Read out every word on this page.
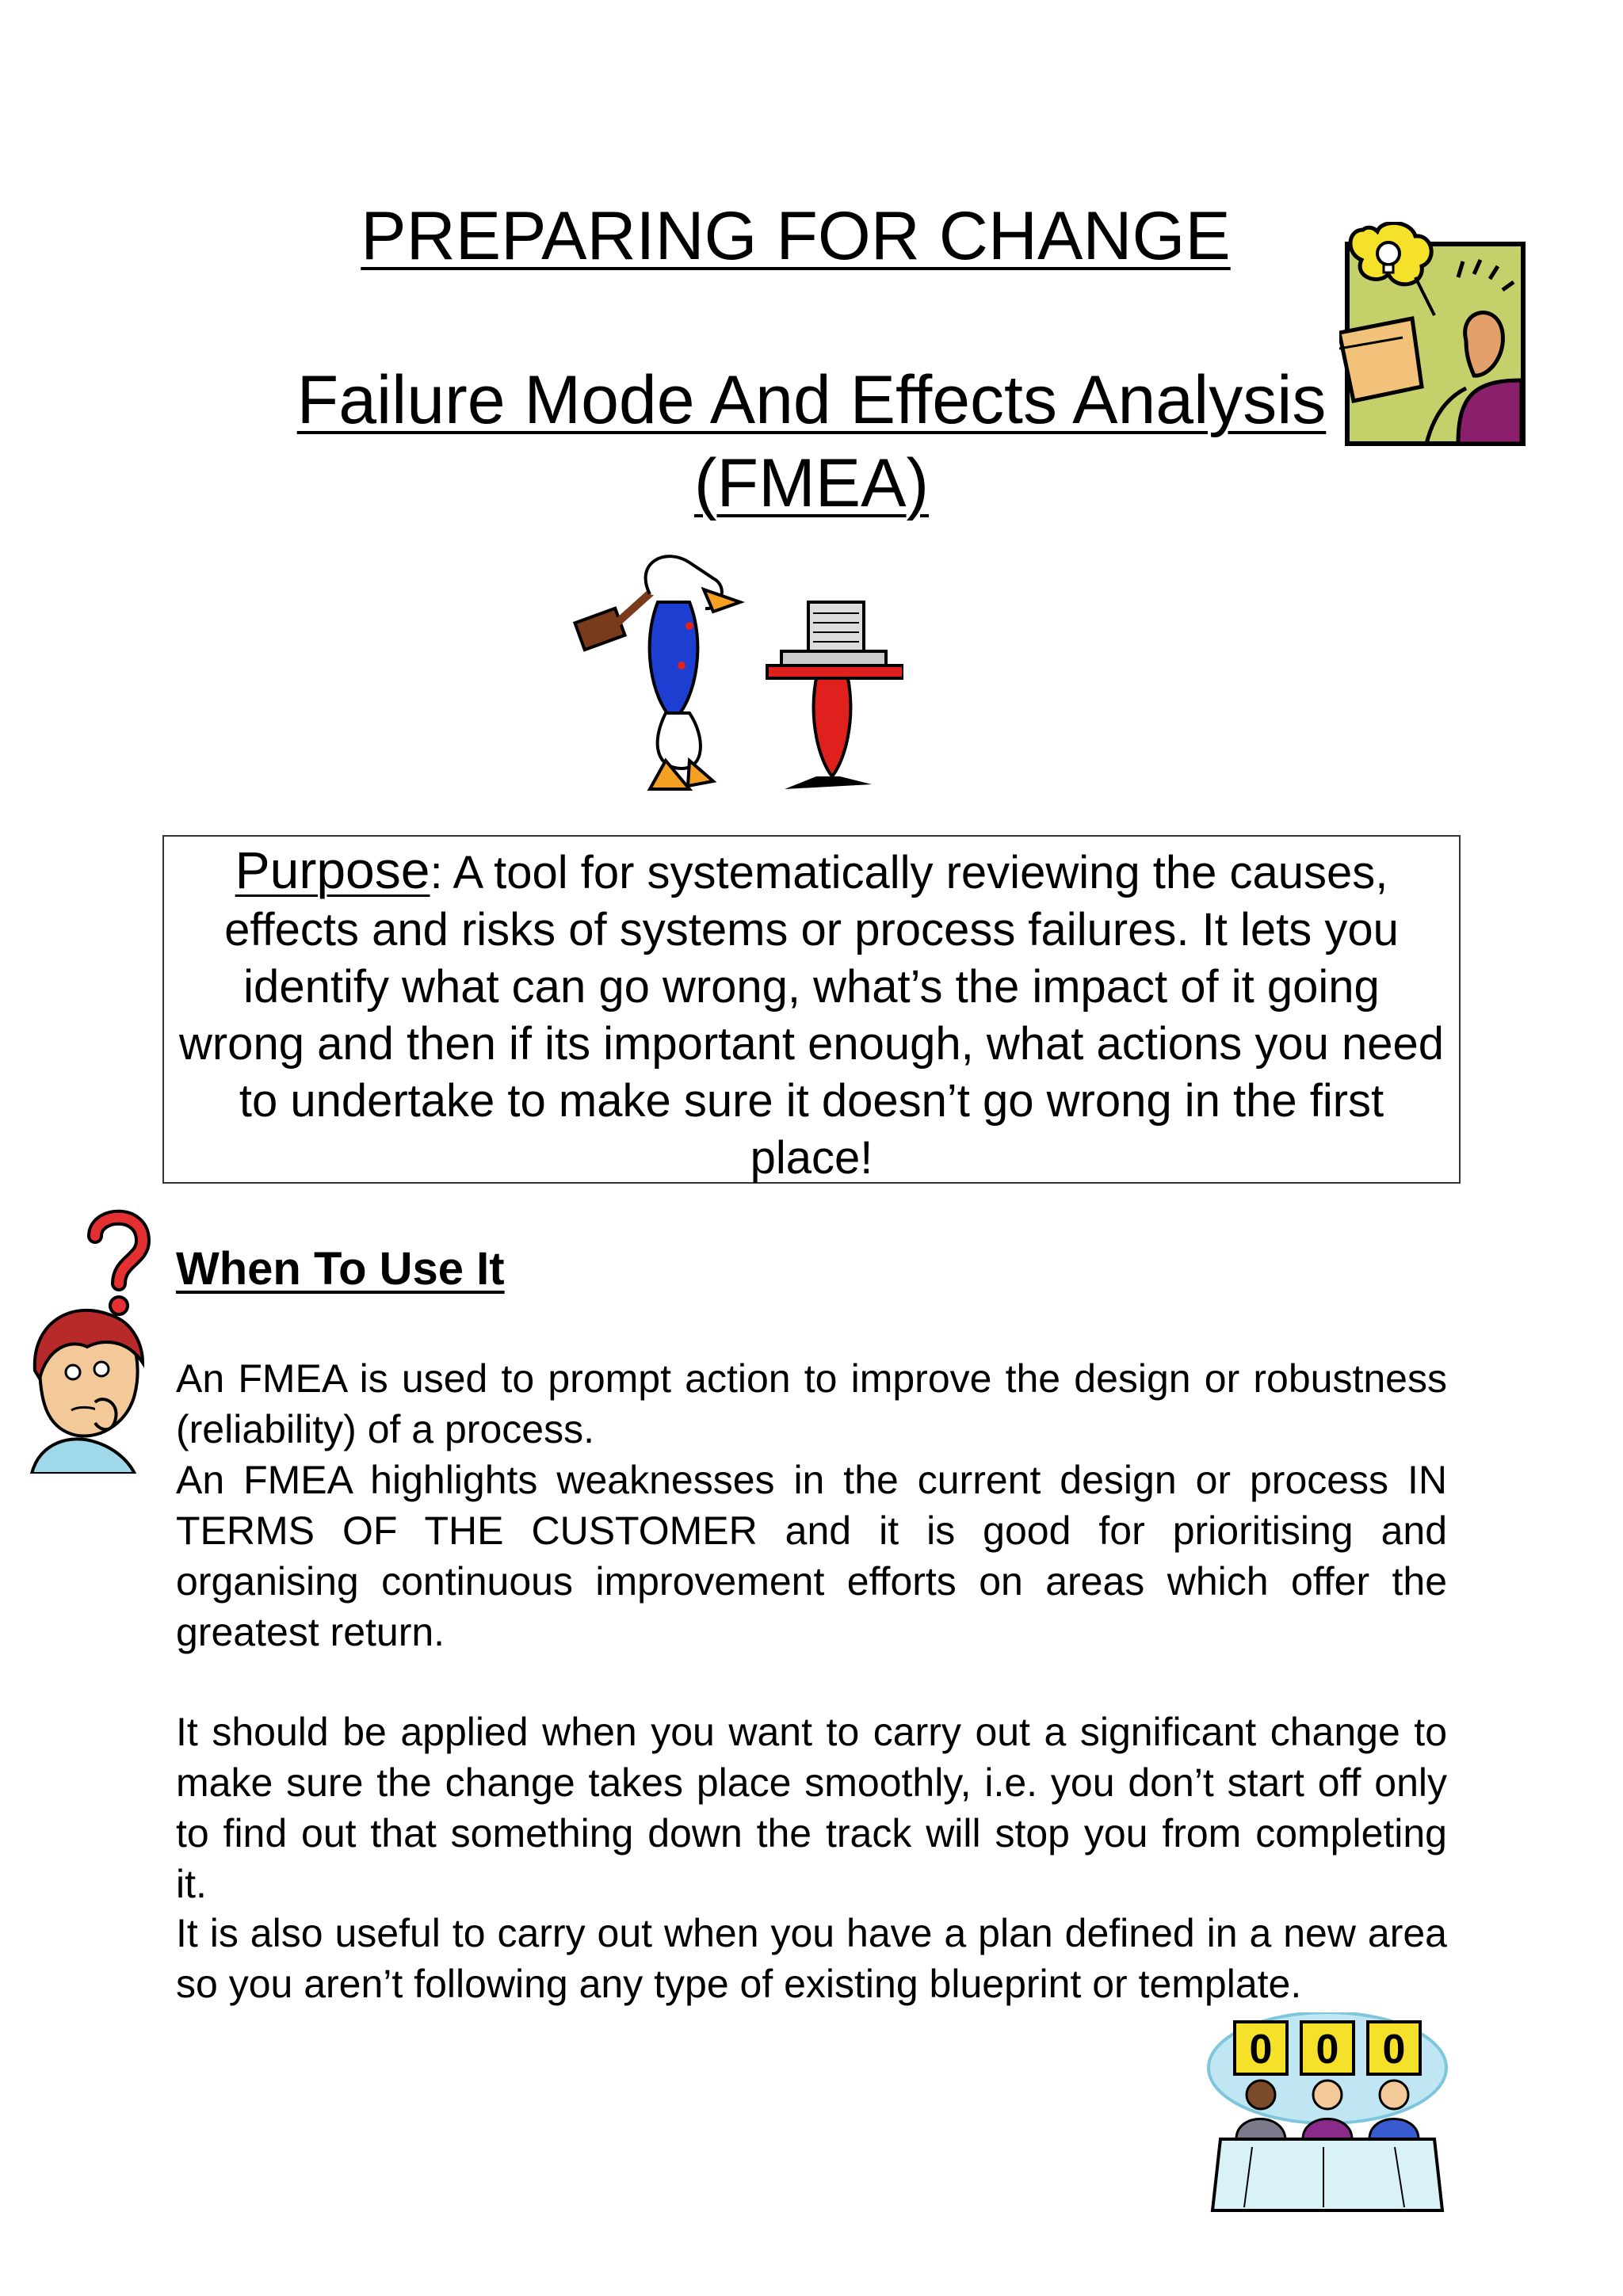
PREPARING FOR CHANGE
Failure Mode And Effects Analysis
(FMEA)
Purpose: A tool for systematically reviewing the causes, effects and risks of systems or process failures. It lets you identify what can go wrong, what’s the impact of it going wrong and then if its important enough, what actions you need to undertake to make sure it doesn’t go wrong in the first place!
When To Use It
An FMEA is used to prompt action to improve the design or robustness (reliability) of a process.
An FMEA highlights weaknesses in the current design or process IN TERMS OF THE CUSTOMER and it is good for prioritising and organising continuous improvement efforts on areas which offer the greatest return.
It should be applied when you want to carry out a significant change to make sure the change takes place smoothly, i.e. you don’t start off only to find out that something down the track will stop you from completing it.
It is also useful to carry out when you have a plan defined in a new area so you aren’t following any type of existing blueprint or template.
0 0 0
